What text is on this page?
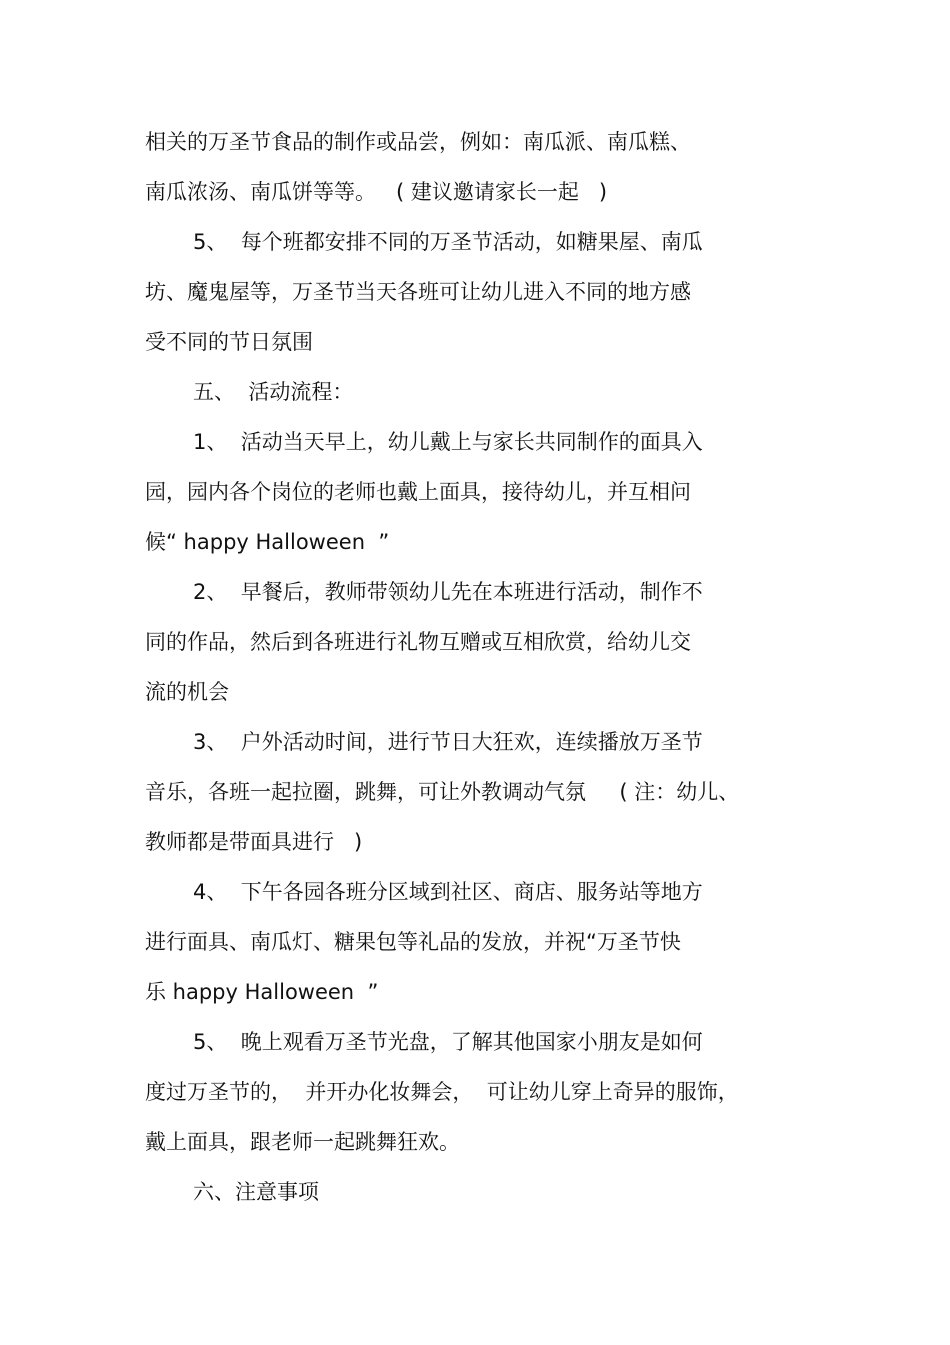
相关的万圣节食品的制作或品尝，例如：南瓜派、南瓜糕、
南瓜浓汤、南瓜饼等等。   ( 建议邀请家长一起   )
5、  每个班都安排不同的万圣节活动，如糖果屋、南瓜
坊、魔鬼屋等，万圣节当天各班可让幼儿进入不同的地方感
受不同的节日氛围
五、  活动流程：
1、  活动当天早上，幼儿戴上与家长共同制作的面具入
园，园内各个岗位的老师也戴上面具，接待幼儿，并互相问
候“ happy Halloween  ”
2、  早餐后，教师带领幼儿先在本班进行活动，制作不
同的作品，然后到各班进行礼物互赠或互相欣赏，给幼儿交
流的机会
3、  户外活动时间，进行节日大狂欢，连续播放万圣节
音乐，各班一起拉圈，跳舞，可让外教调动气氛     ( 注：幼儿、
教师都是带面具进行   )
4、  下午各园各班分区域到社区、商店、服务站等地方
进行面具、南瓜灯、糖果包等礼品的发放，并祝“万圣节快
乐 happy Halloween  ”
5、  晚上观看万圣节光盘，了解其他国家小朋友是如何
度过万圣节的，  并开办化妆舞会，  可让幼儿穿上奇异的服饰，
戴上面具，跟老师一起跳舞狂欢。
六、注意事项
